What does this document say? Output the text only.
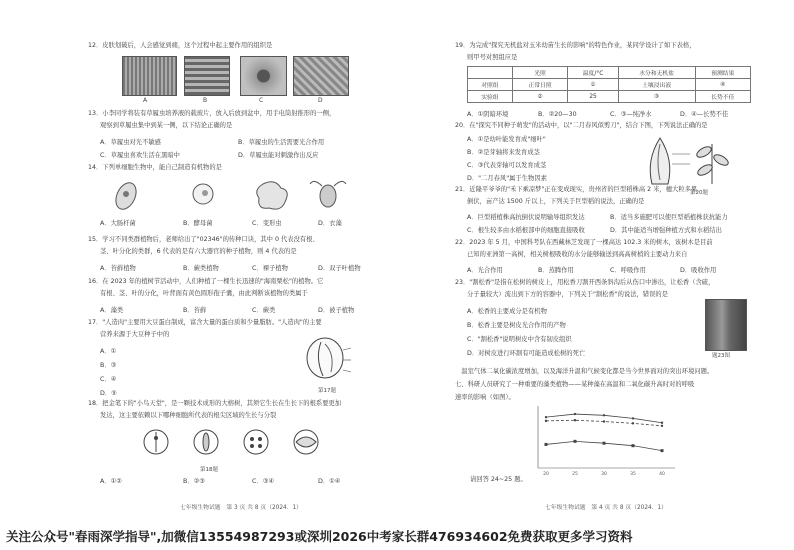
12．皮肤划破后，人会感觉到痛，这个过程中起主要作用的组织是
A	B	C	D
13．小李同学将装有草履虫培养液的载玻片，放入后放到盆中，用手电筒射推形的一侧，
观察到草履虫集中到某一侧，以下结论正确的是
A．草履虫对光不敏感	B．草履虫的生活需要光合作用
C．草履虫喜欢生活在黑暗中	D．草履虫能对刺激作出反应
14．下列单细胞生物中，能自己制造有机物的是
A．大肠杆菌	B．酵母菌	C．变形虫	D．衣藻
15．学习不同类群植物后，老师给出了"02346"的传种口诀，其中 0 代表没有根、
茎、叶分化的类群，6 代表的是有六大器官的种子植物，则 4 代表的是
A．苔藓植物	B．蕨类植物	C．裸子植物	D．双子叶植物
16．在 2023 年的植树节活动中，人们种植了一棵生长迅速的"海南栗松"的植物。它
有根、茎、叶的分化，叶背面有黄色圆形孢子囊，由此判断该植物的类属于
A．藻类	B．苔藓	C．蕨类	D．被子植物
17．"人造肉"主要用大豆蛋白制成，富含大量的蛋白质和少量脂肪。"人造肉"的主要
营养来源于大豆种子中的
A．①
B．③
C．④
D．⑤	第17题
18．把金笔下的"小鸟天堂"，是一颗技术成形的大榕树，其须它生长在生长下的根系要更加
发达，这主要依赖以下哪种细胞所代表的根尖区域的生长与分裂
第18题
A．①②	B．②③	C．③④	D．①④
七年级生物试题　第 3 页 共 8 页（2024．1）
19．为完成"探究无机盐对玉米幼苗生长的影响"的特色作业，某同学设计了如下表格，
则甲号对照组应是
	光照	温度/°C	水分和无机盐	预测结果
对照组	正常日照	①	土壤浸出液	④
实验组	②	25	③	长势不佳
A．①阴暗环境	B．②20—30	C．③—纯净水	D．④—长势不佳
20．在"探究不同种子萌发"的活动中，以"二月春风似剪刀"，结合下图，下列说法正确的是
A．①是幼叶能发育成"细叶"
B．②是芽轴将来发育成茎
C．③代表芽轴可以发育成茎
D．"二月春风"属于生物因素
第20题
21．近隆平爷爷的"禾下乘凉梦"正在变成现实，贵州省的巨型稻株高 2 米，穗大粒多果
倒伏，亩产达 1500 斤以上，下列关于巨型稻的说法，正确的是
A．巨型稻植株高抗倒伏说明输导组织发达	B．适当多施肥可以使巨型稻植株获抗能力
C．根生较多由水稻根部中的细胞直接吸收	D．其中能适当增强种植方式和水稻结出
22．2023 年 5 月，中国科考队在西藏林芝发现了一棵高达 102.3 米的树木，该树木是目前
已知的亚洲第一高树，相关树根吸收的水分能够输送到高高树梢的主要动力来自
A．光合作用	B．蒸腾作用	C．呼吸作用	D．吸收作用
23．"割松香"是指在松树的树皮上，用松香刀割开西条斜沟后从伤口中渗出，让松香（含硫，
分子量较大）流出到下方的容器中，下列关于"割松香"的说法，错误的是
A．松香的主要成分是有机物
B．松香主要是树皮光合作用的产物
C．"割松香"说明树皮中含有韧皮组织
D．对树皮进行环割有可能造成松树的死亡	题23图
　温室气体二氧化碳浓度增加，以及海洋升温和气候变化都是当今世界面对的突出环境问题。
七、科研人员研究了一种重要的藻类植物——某种藻在高温和二氧化碳升高时对的呼吸
速率的影响（如图）。
20	25	30	35	40
请回答 24~25 题。
七年级生物试题　第 4 页 共 8 页（2024．1）
关注公众号"春雨深学指导",加微信13554987293或深圳2026中考家长群476934602免费获取更多学习资料
